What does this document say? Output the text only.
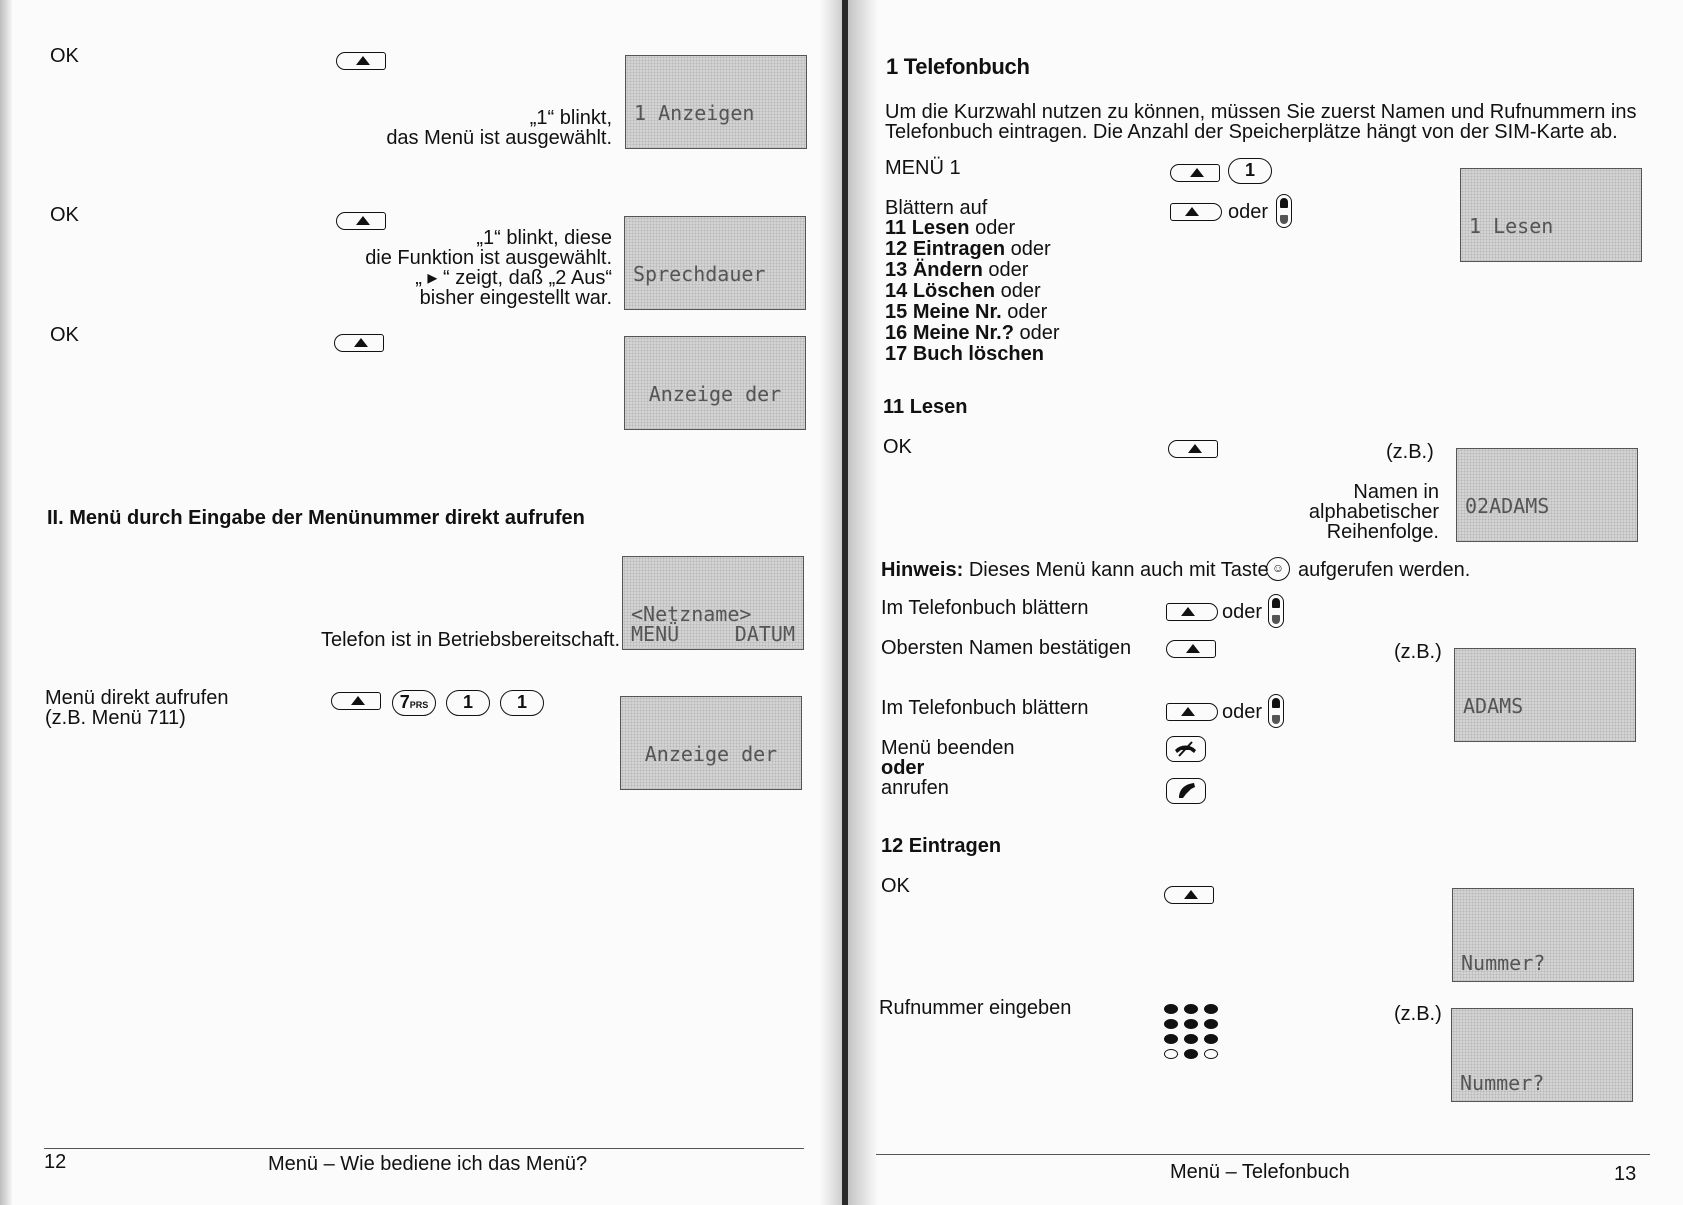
OK
„1“ blinkt,
das Menü ist ausgewählt.

1 Anzeigen

OK
„1“ blinkt, diese
die Funktion ist ausgewählt.
„ ▸ “ zeigt, daß „2 Aus“
bisher eingestellt war.

Sprechdauer

OK

Anzeige der

II. Menü durch Eingabe der Menünummer direkt aufrufen
Telefon ist in Betriebsbereitschaft.

<Netzname>

MENÜ	DATUM

Menü direkt aufrufen
(z.B. Menü 711)
7PRS	1	1

Anzeige der

12	Menü – Wie bediene ich das Menü?
1 Telefonbuch
Um die Kurzwahl nutzen zu können, müssen Sie zuerst Namen und Rufnummern ins
Telefonbuch eintragen. Die Anzahl der Speicherplätze hängt von der SIM-Karte ab.
MENÜ 1	1
Blättern auf	oder
11 Lesen oder
12 Eintragen oder
13 Ändern oder
14 Löschen oder
15 Meine Nr. oder
16 Meine Nr.? oder
17 Buch löschen

1 Lesen

11 Lesen
OK	(z.B.)
Namen in
alphabetischer
Reihenfolge.

02ADAMS

Hinweis: Dieses Menü kann auch mit Taste ☺ aufgerufen werden.
Im Telefonbuch blättern	oder
Obersten Namen bestätigen	(z.B.)

ADAMS

Im Telefonbuch blättern	oder
Menü beenden
oder
anrufen
12 Eintragen
OK

Nummer?

Rufnummer eingeben	(z.B.)

Nummer?

Menü – Telefonbuch	13
